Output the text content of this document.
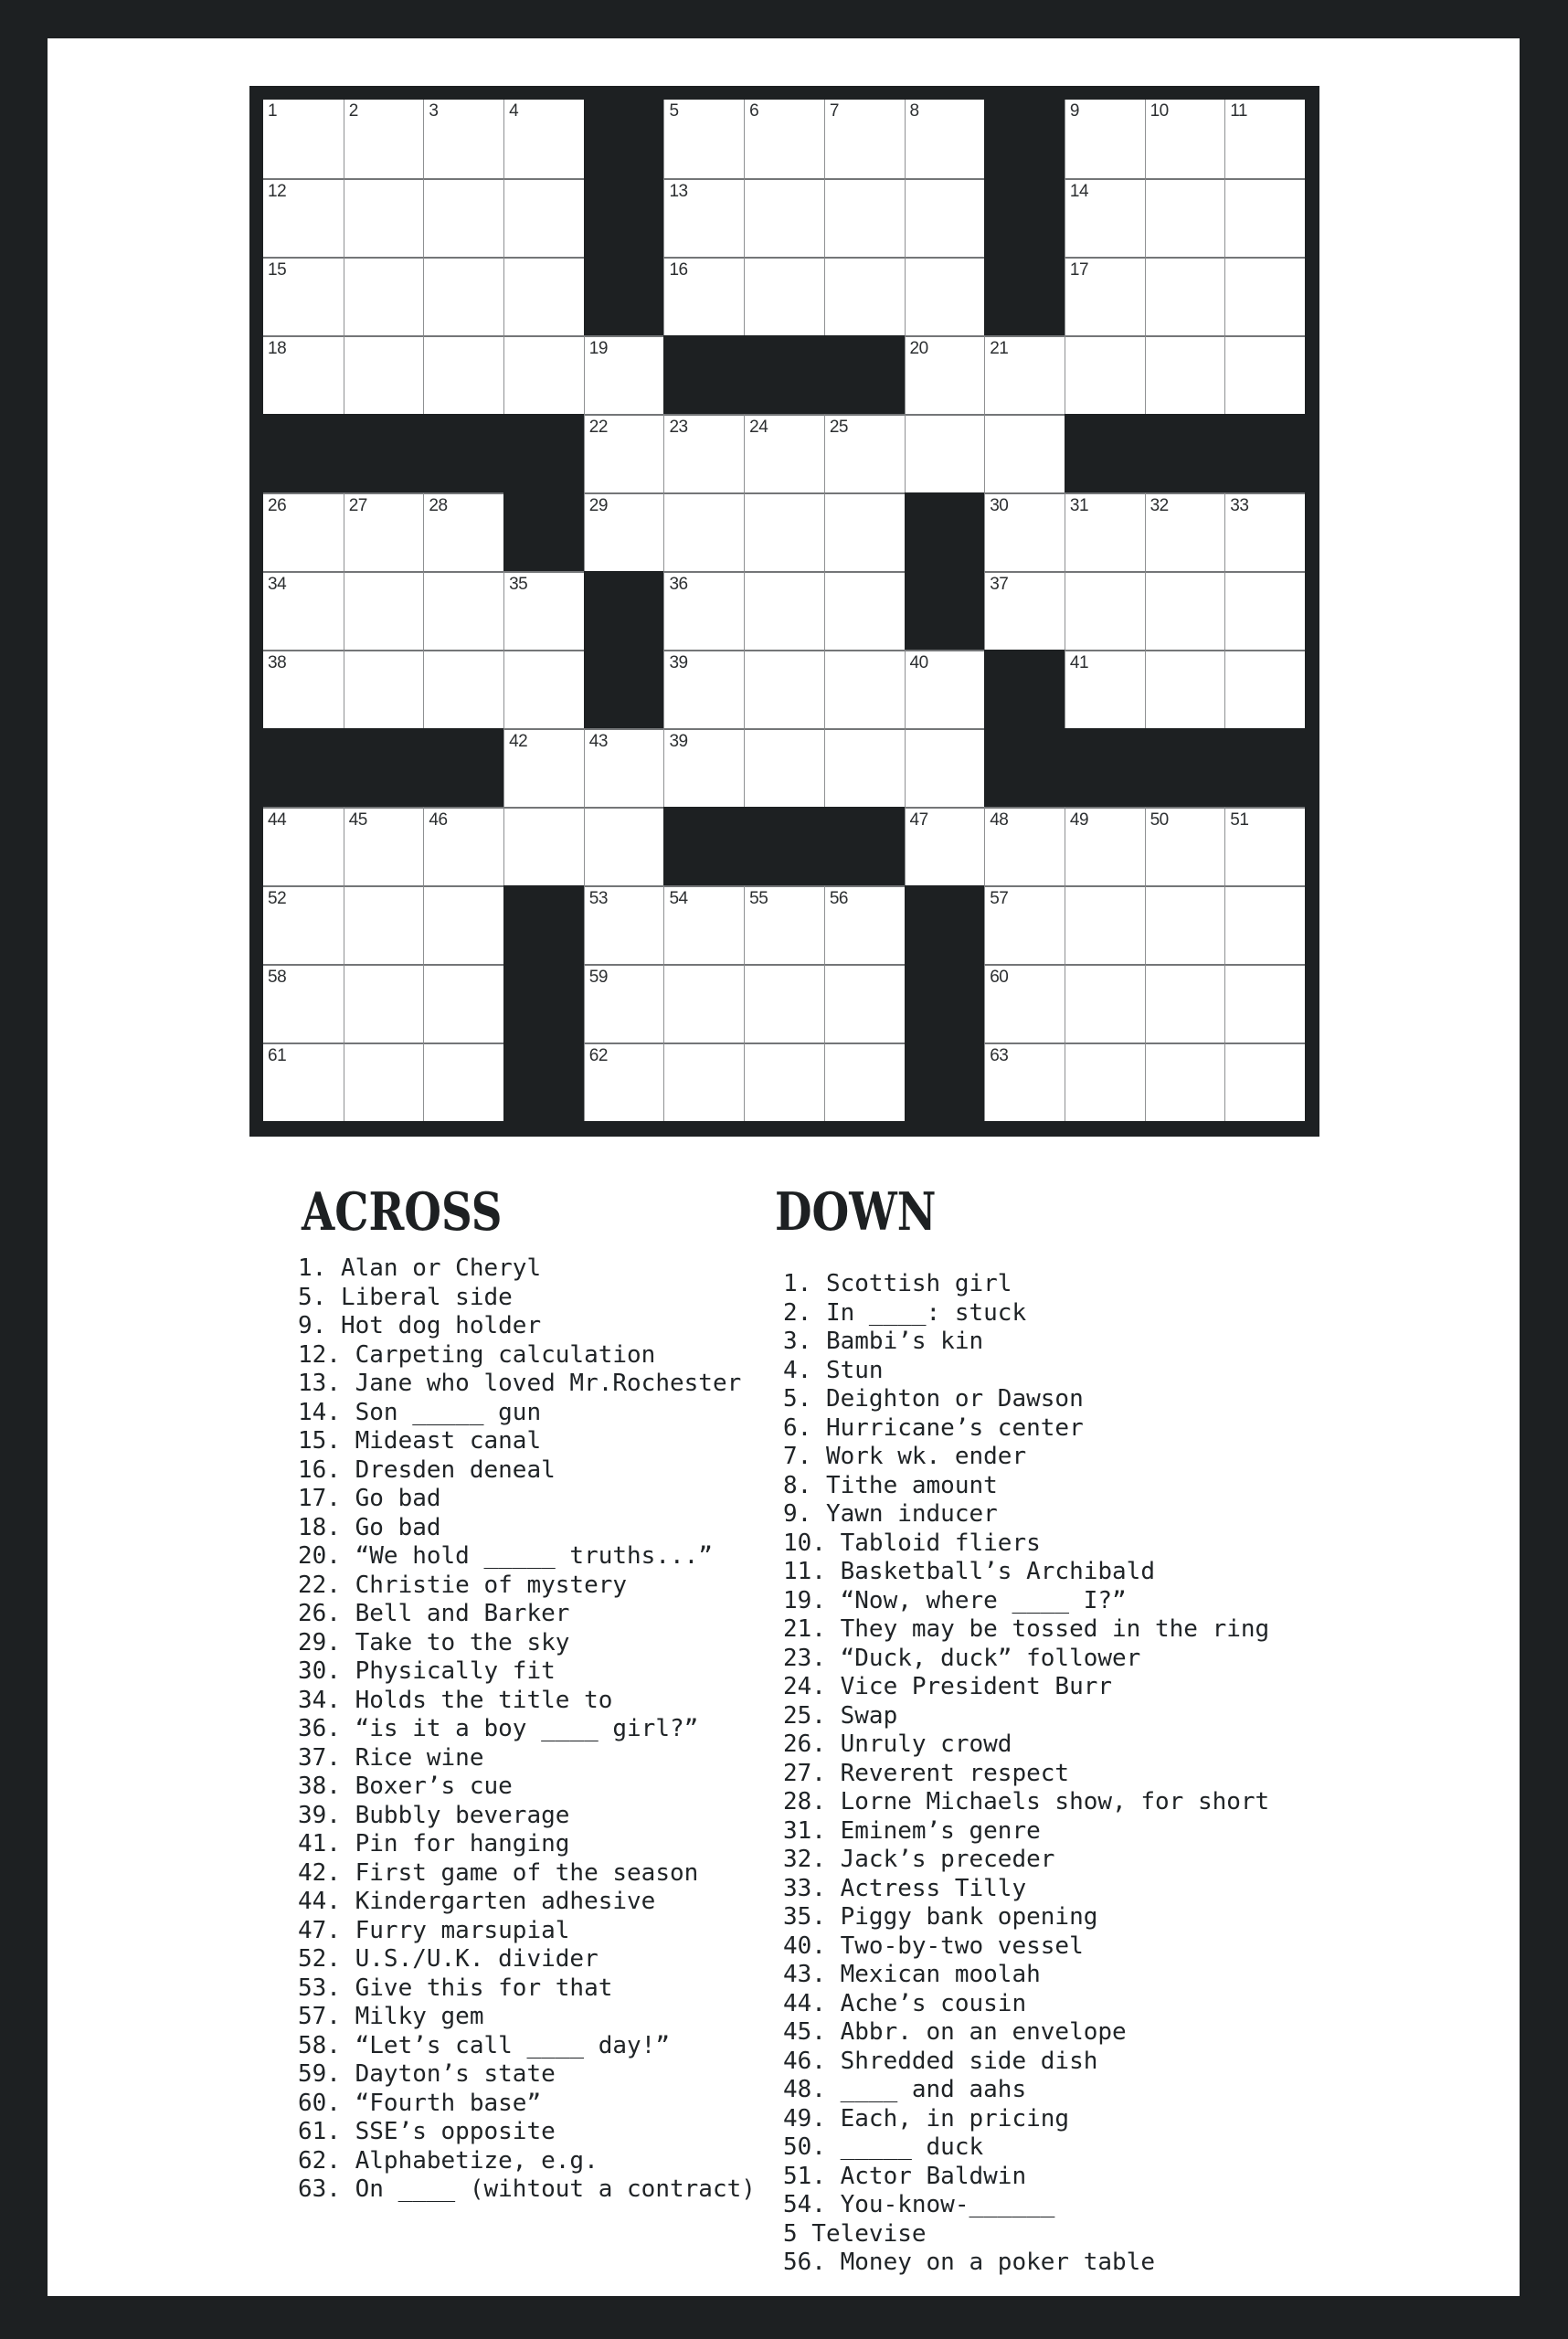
1	2	3	4	5	6	7	8	9	10	11
12	13	14
15	16	17
18	19	20	21
22	23	24	25
26	27	28	29	30	31	32	33
34	35	36	37
38	39	40	41
42	43	39
44	45	46	47	48	49	50	51
52	53	54	55	56	57
58	59	60
61	62	63
ACROSS	DOWN
1. Alan or Cheryl
5. Liberal side
9. Hot dog holder
12. Carpeting calculation
13. Jane who loved Mr.Rochester
14. Son _____ gun
15. Mideast canal
16. Dresden deneal
17. Go bad
18. Go bad
20. “We hold _____ truths...”
22. Christie of mystery
26. Bell and Barker
29. Take to the sky
30. Physically fit
34. Holds the title to
36. “is it a boy ____ girl?”
37. Rice wine
38. Boxer’s cue
39. Bubbly beverage
41. Pin for hanging
42. First game of the season
44. Kindergarten adhesive
47. Furry marsupial
52. U.S./U.K. divider
53. Give this for that
57. Milky gem
58. “Let’s call ____ day!”
59. Dayton’s state
60. “Fourth base”
61. SSE’s opposite
62. Alphabetize, e.g.
63. On ____ (wihtout a contract)
1. Scottish girl
2. In ____: stuck
3. Bambi’s kin
4. Stun
5. Deighton or Dawson
6. Hurricane’s center
7. Work wk. ender
8. Tithe amount
9. Yawn inducer
10. Tabloid fliers
11. Basketball’s Archibald
19. “Now, where ____ I?”
21. They may be tossed in the ring
23. “Duck, duck” follower
24. Vice President Burr
25. Swap
26. Unruly crowd
27. Reverent respect
28. Lorne Michaels show, for short
31. Eminem’s genre
32. Jack’s preceder
33. Actress Tilly
35. Piggy bank opening
40. Two-by-two vessel
43. Mexican moolah
44. Ache’s cousin
45. Abbr. on an envelope
46. Shredded side dish
48. ____ and aahs
49. Each, in pricing
50. _____ duck
51. Actor Baldwin
54. You-know-______
5 Televise
56. Money on a poker table
